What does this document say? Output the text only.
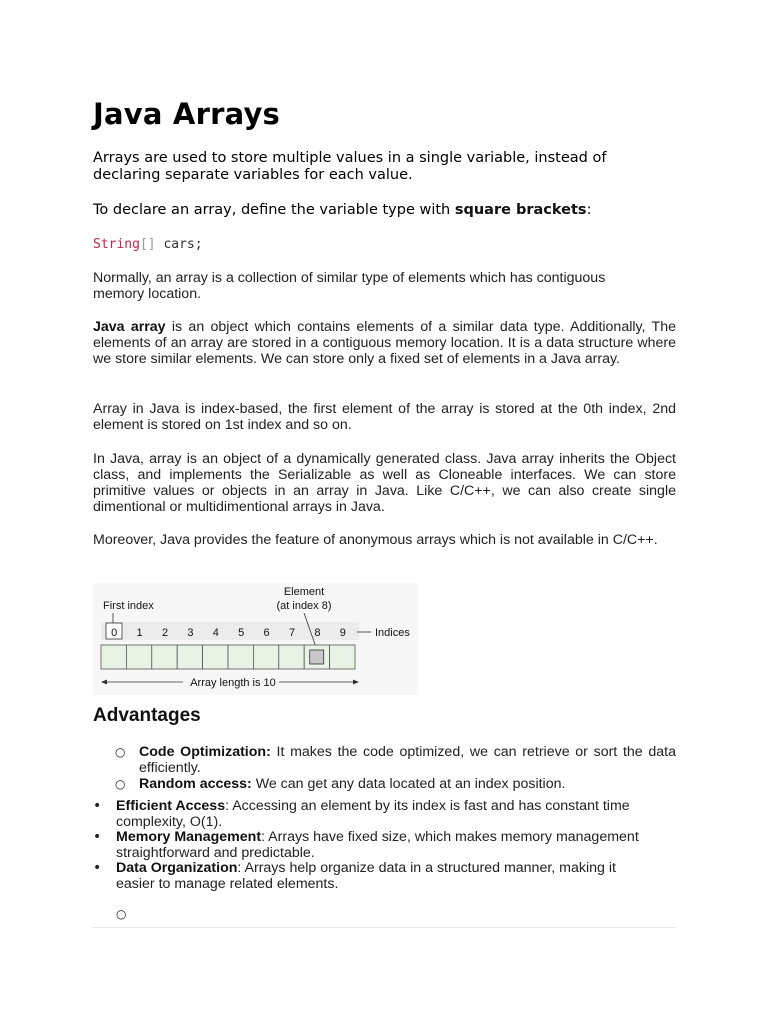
Java Arrays

Arrays are used to store multiple values in a single variable, instead of declaring separate variables for each value.

To declare an array, define the variable type with square brackets:

String[] cars;

Normally, an array is a collection of similar type of elements which has contiguous memory location.

Java array is an object which contains elements of a similar data type. Additionally, The elements of an array are stored in a contiguous memory location. It is a data structure where we store similar elements. We can store only a fixed set of elements in a Java array.

Array in Java is index-based, the first element of the array is stored at the 0th index, 2nd element is stored on 1st index and so on.

In Java, array is an object of a dynamically generated class. Java array inherits the Object class, and implements the Serializable as well as Cloneable interfaces. We can store primitive values or objects in an array in Java. Like C/C++, we can also create single dimentional or multidimentional arrays in Java.

Moreover, Java provides the feature of anonymous arrays which is not available in C/C++.

First index
Element
(at index 8)
0 1 2 3 4 5 6 7 8 9	Indices
Array length is 10
Advantages
○ Code Optimization: It makes the code optimized, we can retrieve or sort the data efficiently.
○ Random access: We can get any data located at an index position.
• Efficient Access: Accessing an element by its index is fast and has constant time complexity, O(1).
• Memory Management: Arrays have fixed size, which makes memory management straightforward and predictable.
• Data Organization: Arrays help organize data in a structured manner, making it easier to manage related elements.
○
